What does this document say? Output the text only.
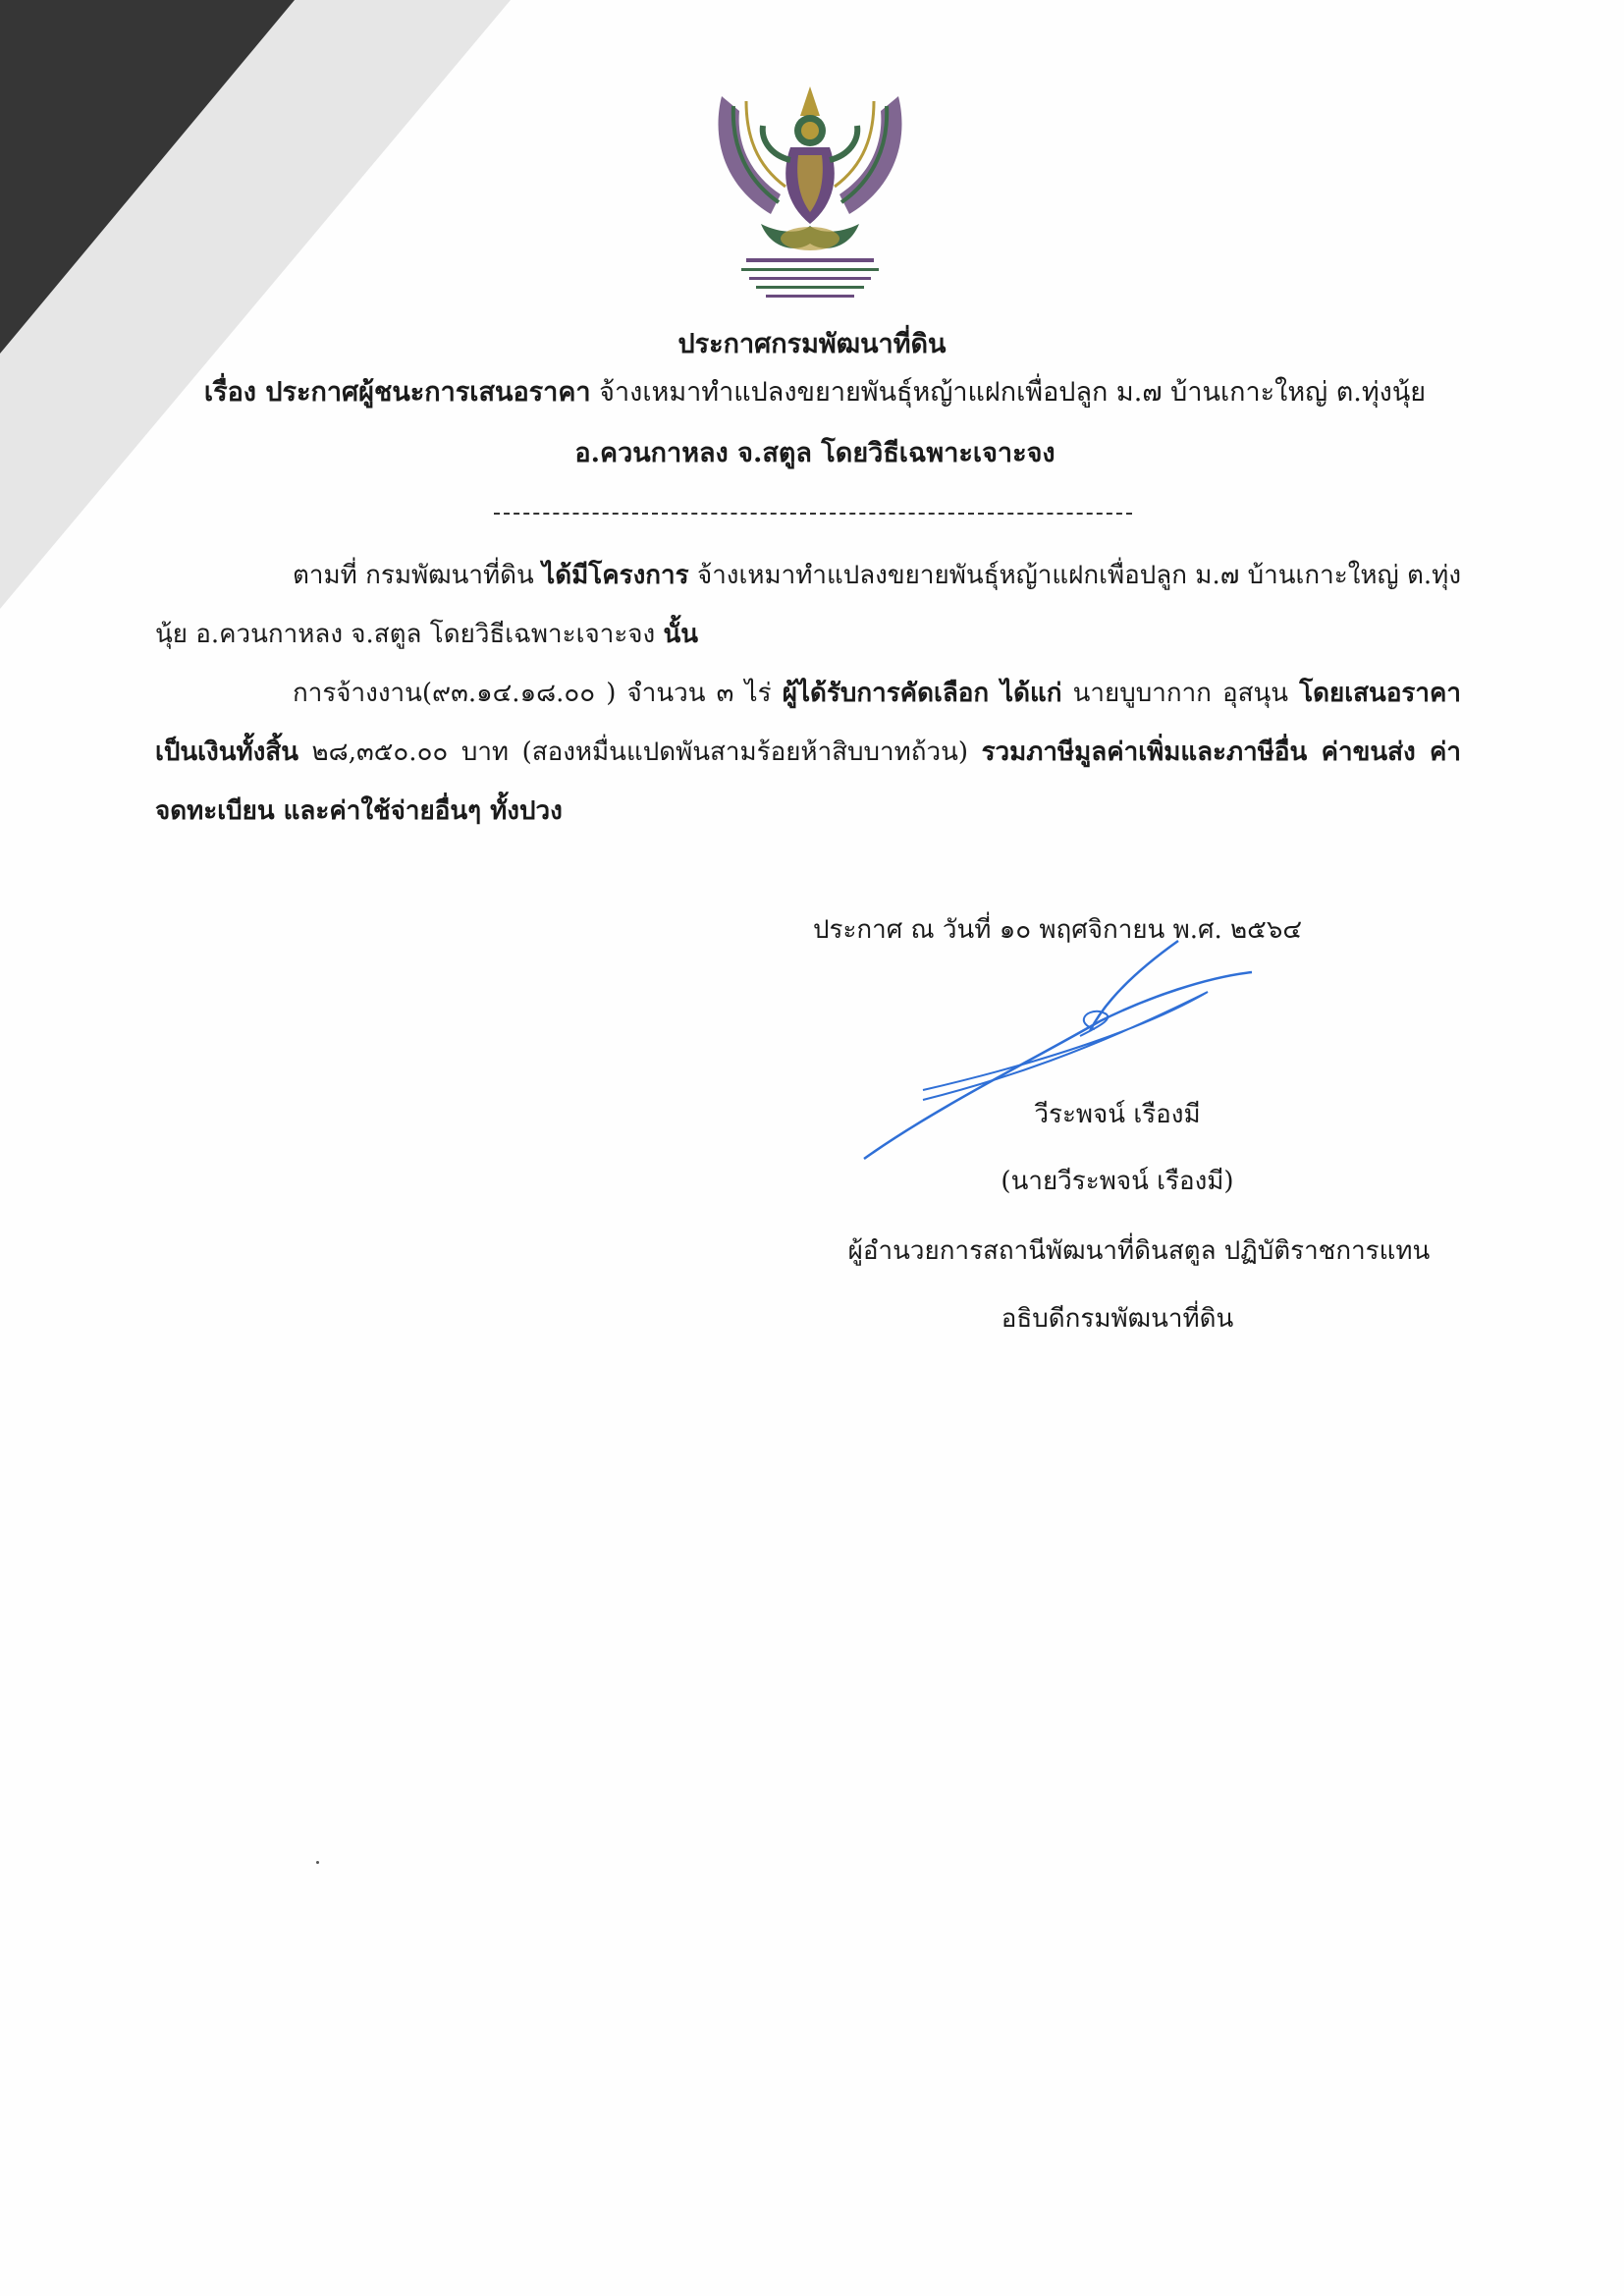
ประกาศกรมพัฒนาที่ดิน
เรื่อง ประกาศผู้ชนะการเสนอราคา จ้างเหมาทำแปลงขยายพันธุ์หญ้าแฝกเพื่อปลูก ม.๗ บ้านเกาะใหญ่ ต.ทุ่งนุ้ย
อ.ควนกาหลง จ.สตูล โดยวิธีเฉพาะเจาะจง
ตามที่ กรมพัฒนาที่ดิน ได้มีโครงการ จ้างเหมาทำแปลงขยายพันธุ์หญ้าแฝกเพื่อปลูก ม.๗ บ้านเกาะใหญ่ ต.ทุ่งนุ้ย อ.ควนกาหลง จ.สตูล โดยวิธีเฉพาะเจาะจง นั้น
การจ้างงาน(๙๓.๑๔.๑๘.๐๐ ) จำนวน ๓ ไร่ ผู้ได้รับการคัดเลือก ได้แก่ นายบูบากาก อุสนุน โดยเสนอราคา เป็นเงินทั้งสิ้น ๒๘,๓๕๐.๐๐ บาท (สองหมื่นแปดพันสามร้อยห้าสิบบาทถ้วน) รวมภาษีมูลค่าเพิ่มและภาษีอื่น ค่าขนส่ง ค่าจดทะเบียน และค่าใช้จ่ายอื่นๆ ทั้งปวง
ประกาศ ณ วันที่ ๑๐ พฤศจิกายน พ.ศ. ๒๕๖๔
วีระพจน์ เรืองมี
(นายวีระพจน์ เรืองมี)
ผู้อำนวยการสถานีพัฒนาที่ดินสตูล ปฏิบัติราชการแทน
อธิบดีกรมพัฒนาที่ดิน
